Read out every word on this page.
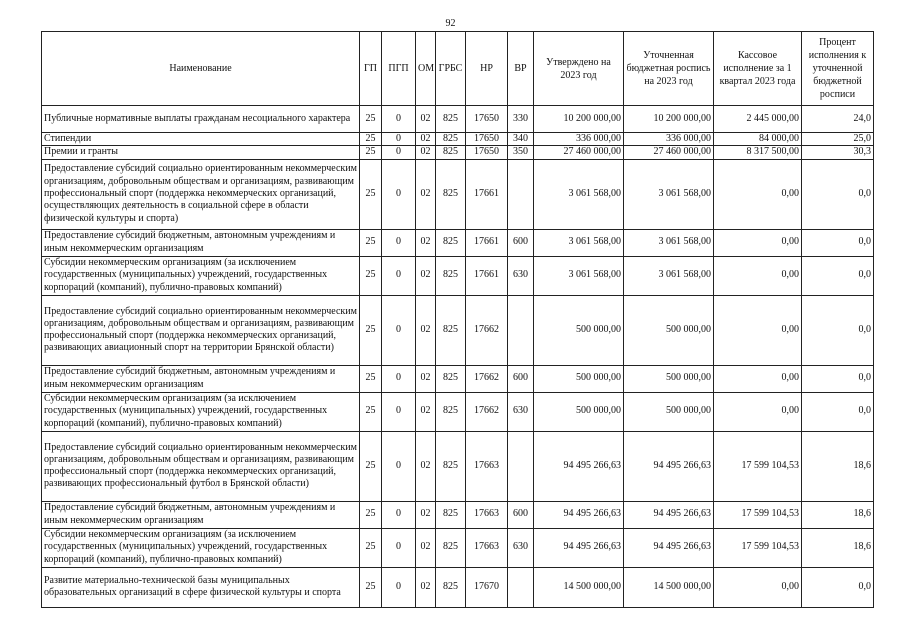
92
Наименование	ГП	ПГП	ОМ	ГРБС	НР	ВР	Утверждено на 2023 год	Уточненная бюджетная роспись на 2023 год	Кассовое исполнение за 1 квартал 2023 года	Процент исполнения к уточненной бюджетной росписи
Публичные нормативные выплаты гражданам несоциального характера	25	0	02	825	17650	330	10 200 000,00	10 200 000,00	2 445 000,00	24,0
Стипендии	25	0	02	825	17650	340	336 000,00	336 000,00	84 000,00	25,0
Премии и гранты	25	0	02	825	17650	350	27 460 000,00	27 460 000,00	8 317 500,00	30,3
Предоставление субсидий социально ориентированным некоммерческим организациям, добровольным обществам и организациям, развивающим профессиональный спорт (поддержка некоммерческих организаций, осуществляющих деятельность в социальной сфере в области физической культуры и спорта)	25	0	02	825	17661		3 061 568,00	3 061 568,00	0,00	0,0
Предоставление субсидий бюджетным, автономным учреждениям и иным некоммерческим организациям	25	0	02	825	17661	600	3 061 568,00	3 061 568,00	0,00	0,0
Субсидии некоммерческим организациям (за исключением государственных (муниципальных) учреждений, государственных корпораций (компаний), публично-правовых компаний)	25	0	02	825	17661	630	3 061 568,00	3 061 568,00	0,00	0,0
Предоставление субсидий социально ориентированным некоммерческим организациям, добровольным обществам и организациям, развивающим профессиональный спорт (поддержка некоммерческих организаций, развивающих авиационный спорт на территории Брянской области)	25	0	02	825	17662		500 000,00	500 000,00	0,00	0,0
Предоставление субсидий бюджетным, автономным учреждениям и иным некоммерческим организациям	25	0	02	825	17662	600	500 000,00	500 000,00	0,00	0,0
Субсидии некоммерческим организациям (за исключением государственных (муниципальных) учреждений, государственных корпораций (компаний), публично-правовых компаний)	25	0	02	825	17662	630	500 000,00	500 000,00	0,00	0,0
Предоставление субсидий социально ориентированным некоммерческим организациям, добровольным обществам и организациям, развивающим профессиональный спорт (поддержка некоммерческих организаций, развивающих профессиональный футбол в Брянской области)	25	0	02	825	17663		94 495 266,63	94 495 266,63	17 599 104,53	18,6
Предоставление субсидий бюджетным, автономным учреждениям и иным некоммерческим организациям	25	0	02	825	17663	600	94 495 266,63	94 495 266,63	17 599 104,53	18,6
Субсидии некоммерческим организациям (за исключением государственных (муниципальных) учреждений, государственных корпораций (компаний), публично-правовых компаний)	25	0	02	825	17663	630	94 495 266,63	94 495 266,63	17 599 104,53	18,6
Развитие материально-технической базы муниципальных образовательных организаций в сфере физической культуры и спорта	25	0	02	825	17670		14 500 000,00	14 500 000,00	0,00	0,0
